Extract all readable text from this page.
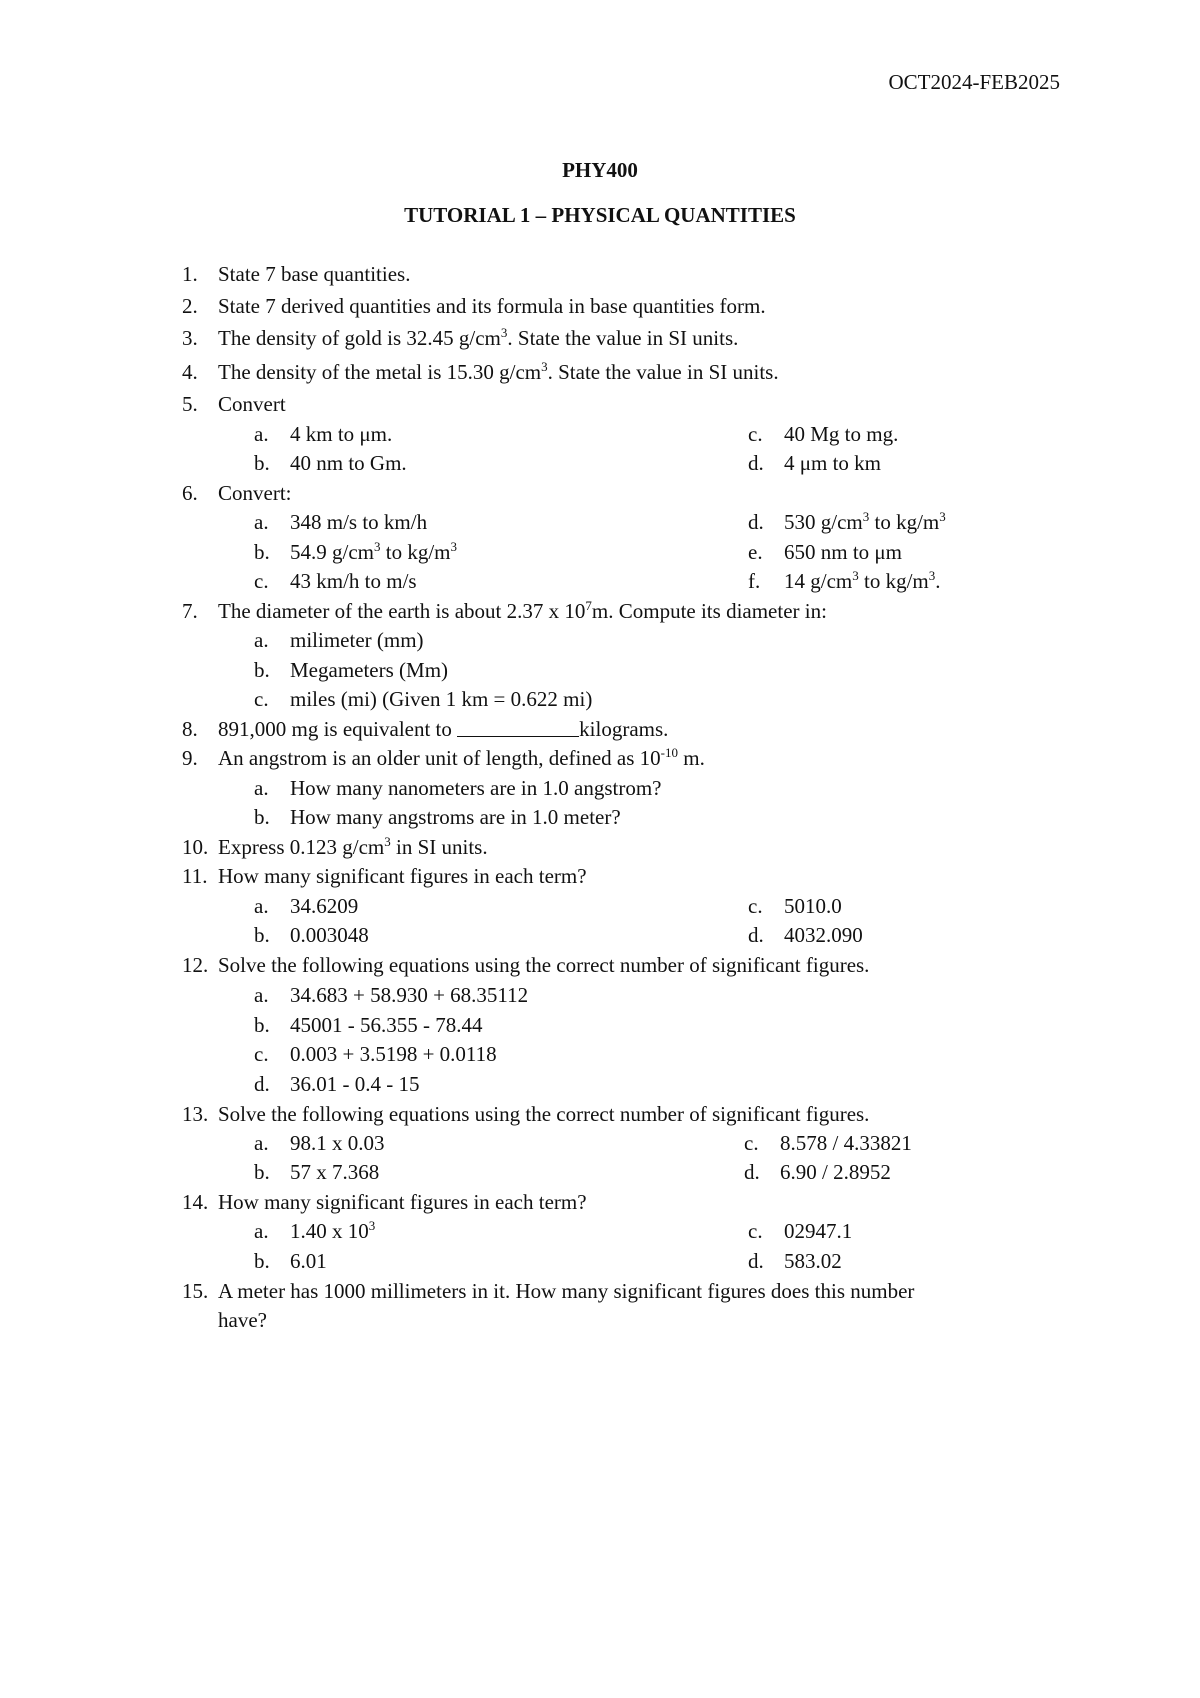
OCT2024-FEB2025
PHY400
TUTORIAL 1 – PHYSICAL QUANTITIES
1. State 7 base quantities.
2. State 7 derived quantities and its formula in base quantities form.
3. The density of gold is 32.45 $g/cm^3$. State the value in SI units.
4. The density of the metal is 15.30 $g/cm^3$. State the value in SI units.
5. Convert
a. 4 km to μm.
b. 40 nm to Gm.
c. 40 Mg to mg.
d. 4 μm to km
6. Convert:
a. 348 m/s to km/h
b. 54.9 $g/cm^3$ to $kg/m^3$
c. 43 km/h to m/s
d. 530 $g/cm^3$ to $kg/m^3$
e. 650 nm to μm
f. 14 $g/cm^3$ to $kg/m^3$.
7. The diameter of the earth is about 2.37 x $10^7m$. Compute its diameter in:
a. milimeter (mm)
b. Megameters (Mm)
c. miles (mi) (Given 1 km = 0.622 mi)
8. 891,000 mg is equivalent to	kilograms.
9. An angstrom is an older unit of length, defined as $10^{-10}$ m.
a. How many nanometers are in 1.0 angstrom?
b. How many angstroms are in 1.0 meter?
10. Express 0.123 $g/cm^3$ in SI units.
11. How many significant figures in each term?
a. 34.6209
b. 0.003048
c. 5010.0
d. 4032.090
12. Solve the following equations using the correct number of significant figures.
a. 34.683 + 58.930 + 68.35112
b. 45001 - 56.355 - 78.44
c. 0.003 + 3.5198 + 0.0118
d. 36.01 - 0.4 - 15
13. Solve the following equations using the correct number of significant figures.
a. 98.1 x 0.03
b. 57 x 7.368
c. 8.578 / 4.33821
d. 6.90 / 2.8952
14. How many significant figures in each term?
a. 1.40 x $10^3$
b. 6.01
c. 02947.1
d. 583.02
15. A meter has 1000 millimeters in it. How many significant figures does this number
have?
